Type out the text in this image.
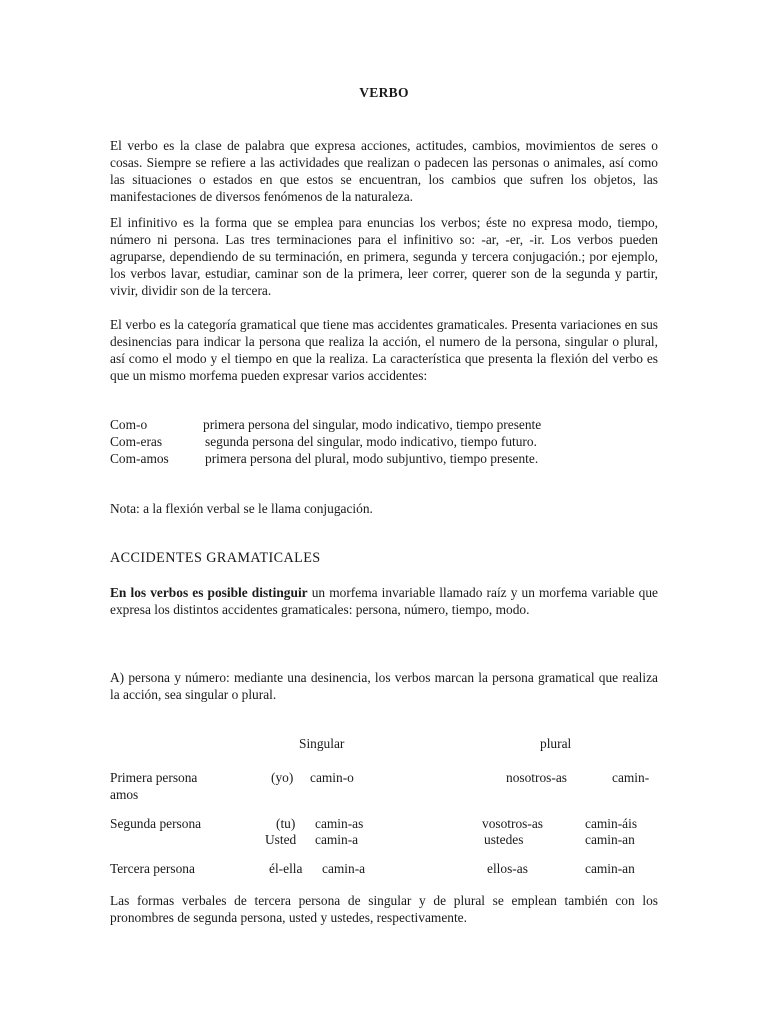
VERBO

El verbo es la clase de palabra que expresa acciones, actitudes, cambios, movimientos de seres o cosas. Siempre se refiere a las actividades que realizan o padecen las personas o animales, así como las situaciones o estados en que estos se encuentran, los cambios que sufren los objetos, las manifestaciones de diversos fenómenos de la naturaleza.

El infinitivo es la forma que se emplea para enuncias los verbos; éste no expresa modo, tiempo, número ni persona. Las tres terminaciones para el infinitivo so: -ar, -er, -ir. Los verbos pueden agruparse, dependiendo de su terminación, en primera, segunda y tercera conjugación.; por ejemplo, los verbos lavar, estudiar, caminar son de la primera, leer correr, querer son de la segunda y partir, vivir, dividir son de la tercera.

El verbo es la categoría gramatical que tiene mas accidentes gramaticales. Presenta variaciones en sus desinencias para indicar la persona que realiza la acción, el numero de la persona, singular o plural, así como el modo y el tiempo en que la realiza. La característica que presenta la flexión del verbo es que un mismo morfema pueden expresar varios accidentes:

Com-o	primera persona del singular, modo indicativo, tiempo presente
Com-eras	segunda persona del singular, modo indicativo, tiempo futuro.
Com-amos	primera persona del plural, modo subjuntivo, tiempo presente.
Nota: a la flexión verbal se le llama conjugación.
ACCIDENTES GRAMATICALES

En los verbos es posible distinguir un morfema invariable llamado raíz y un morfema variable que expresa los distintos accidentes gramaticales: persona, número, tiempo, modo.

A) persona y número: mediante una desinencia, los verbos marcan la persona gramatical que realiza la acción, sea singular o plural.

Singular	plural
Primera persona	(yo) camin-o	nosotros-as	camin-
amos
Segunda persona	(tu) camin-as	vosotros-as	camin-áis
Usted camin-a	ustedes	camin-an
Tercera persona	él-ella camin-a	ellos-as	camin-an

Las formas verbales de tercera persona de singular y de plural se emplean también con los pronombres de segunda persona, usted y ustedes, respectivamente.
